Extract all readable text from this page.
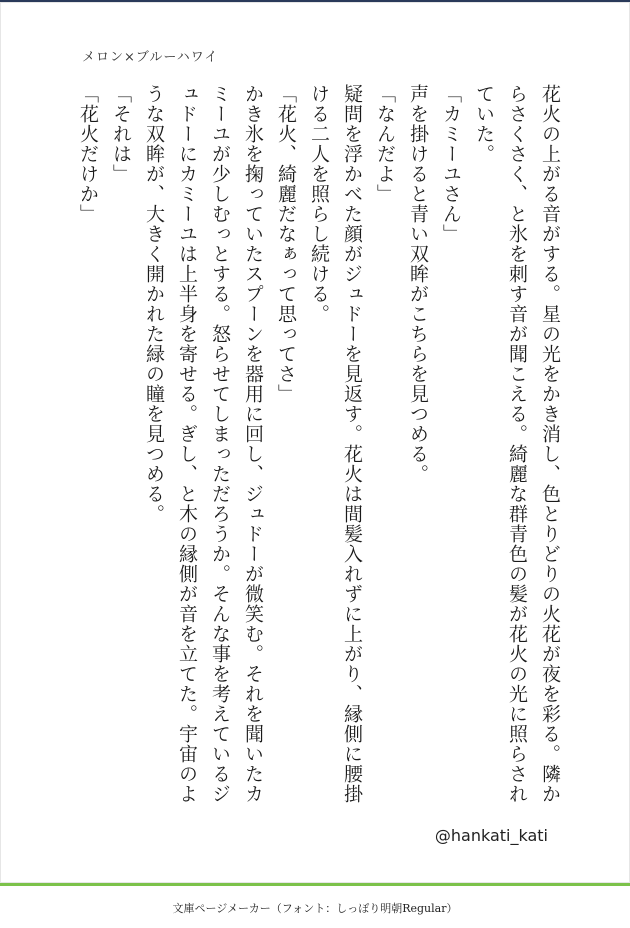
メロン×ブルーハワイ

花火の上がる音がする。星の光をかき消し、色とりどりの火花が夜を彩る。隣からさくさく、と氷を刺す音が聞こえる。綺麗な群青色の髪が花火の光に照らされていた。

「カミーユさん」

声を掛けると青い双眸がこちらを見つめる。

「なんだよ」

疑問を浮かべた顔がジュドーを見返す。花火は間髪入れずに上がり、縁側に腰掛ける二人を照らし続ける。

「花火、綺麗だなぁって思ってさ」

かき氷を掬っていたスプーンを器用に回し、ジュドーが微笑む。それを聞いたカミーユが少しむっとする。怒らせてしまっただろうか。そんな事を考えているジュドーにカミーユは上半身を寄せる。ぎし、と木の縁側が音を立てた。宇宙のような双眸が、大きく開かれた緑の瞳を見つめる。

「それは」

「花火だけか」

@hankati_kati
文庫ページメーカー（フォント：しっぽり明朝Regular）
